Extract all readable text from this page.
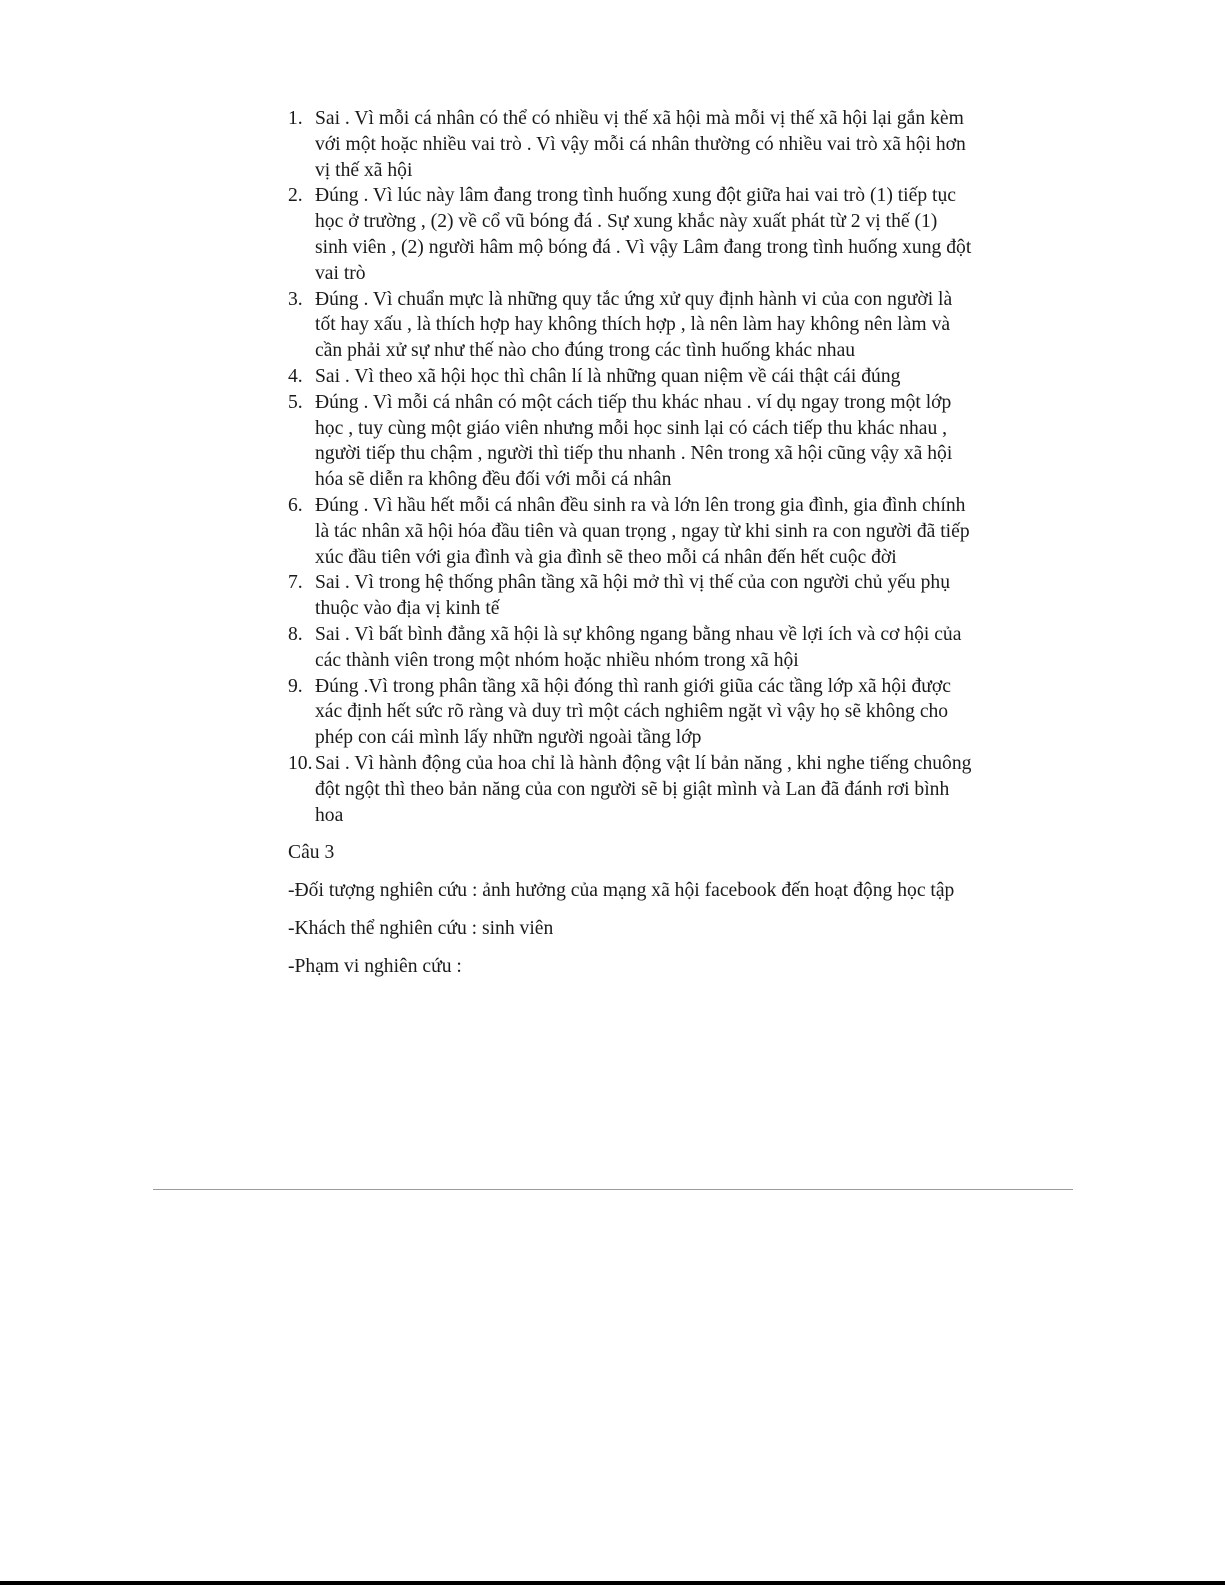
1. Sai . Vì mỗi cá nhân có thể có nhiều vị thế xã hội mà mỗi vị thế xã hội lại gắn kèm với một hoặc nhiều vai trò . Vì vậy mỗi cá nhân thường có nhiều vai trò xã hội hơn vị thế xã hội
2. Đúng . Vì lúc này lâm đang trong tình huống xung đột giữa hai vai trò (1) tiếp tục học ở trường , (2) về cổ vũ bóng đá . Sự xung khắc này xuất phát từ 2 vị thế (1) sinh viên , (2) người hâm mộ bóng đá . Vì vậy Lâm đang trong tình huống xung đột vai trò
3. Đúng . Vì chuẩn mực là những quy tắc ứng xử quy định hành vi của con người là tốt hay xấu , là thích hợp hay không thích hợp , là nên làm hay không nên làm và cần phải xử sự như thế nào cho đúng trong các tình huống khác nhau
4. Sai . Vì theo xã hội học thì chân lí là những quan niệm về cái thật cái đúng
5. Đúng . Vì mỗi cá nhân có một cách tiếp thu khác nhau . ví dụ ngay trong một lớp học , tuy cùng một giáo viên nhưng mỗi học sinh lại có cách tiếp thu khác nhau , người tiếp thu chậm , người thì tiếp thu nhanh . Nên trong xã hội cũng vậy xã hội hóa sẽ diễn ra không đều đối với mỗi cá nhân
6. Đúng . Vì hầu hết mỗi cá nhân đều sinh ra và lớn lên trong gia đình, gia đình chính là tác nhân xã hội hóa đầu tiên và quan trọng , ngay từ khi sinh ra con người đã tiếp xúc đầu tiên với gia đình và gia đình sẽ theo mỗi cá nhân đến hết cuộc đời
7. Sai . Vì trong hệ thống phân tầng xã hội mở thì vị thế của con người chủ yếu phụ thuộc vào địa vị kinh tế
8. Sai . Vì bất bình đẳng xã hội là sự không ngang bằng nhau về lợi ích và cơ hội của các thành viên trong một nhóm hoặc nhiều nhóm trong xã hội
9. Đúng .Vì trong phân tầng xã hội đóng thì ranh giới giũa các tầng lớp xã hội được xác định hết sức rõ ràng và duy trì một cách nghiêm ngặt vì vậy họ sẽ không cho phép con cái mình lấy nhữn người ngoài tầng lớp
10. Sai . Vì hành động của hoa chỉ là hành động vật lí bản năng , khi nghe tiếng chuông đột ngột thì theo bản năng của con người sẽ bị giật mình và Lan đã đánh rơi bình hoa
Câu 3
-Đối tượng nghiên cứu : ảnh hưởng của mạng xã hội facebook đến hoạt động học tập
-Khách thể nghiên cứu : sinh viên
-Phạm vi nghiên cứu :
